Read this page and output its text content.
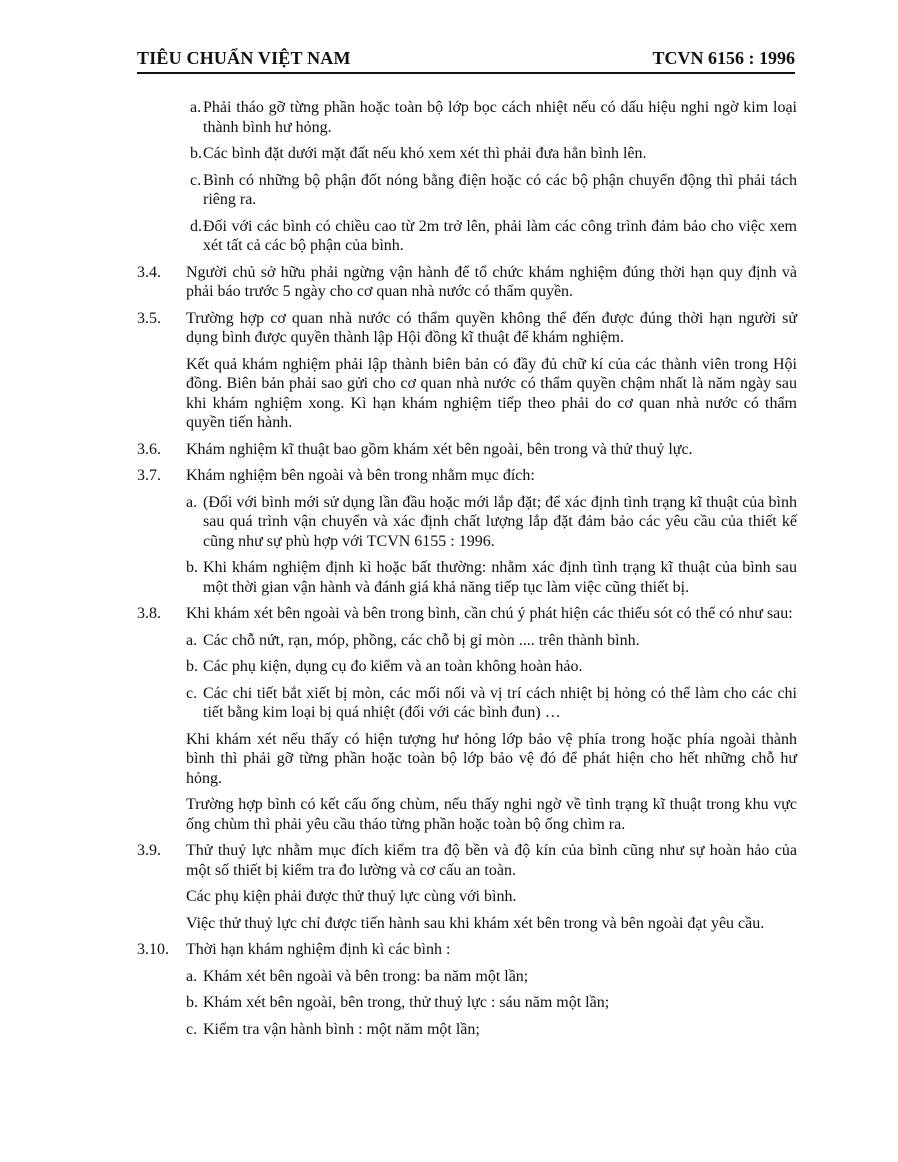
TIÊU CHUẨN VIỆT NAM	TCVN 6156 : 1996
a. Phải tháo gỡ từng phần hoặc toàn bộ lớp bọc cách nhiệt nếu có dấu hiệu nghi ngờ kim loại thành bình hư hỏng.
b. Các bình đặt dưới mặt đất nếu khó xem xét thì phải đưa hẳn bình lên.
c. Bình có những bộ phận đốt nóng bằng điện hoặc có các bộ phận chuyển động thì phải tách riêng ra.
d. Đối với các bình có chiều cao từ 2m trở lên, phải làm các công trình đảm bảo cho việc xem xét tất cả các bộ phận của bình.
3.4.	Người chủ sở hữu phải ngừng vận hành để tổ chức khám nghiệm đúng thời hạn quy định và phải báo trước 5 ngày cho cơ quan nhà nước có thẩm quyền.
3.5.	Trường hợp cơ quan nhà nước có thẩm quyền không thể đến được đúng thời hạn người sử dụng bình được quyền thành lập Hội đồng kĩ thuật để khám nghiệm.
Kết quả khám nghiệm phải lập thành biên bản có đầy đủ chữ kí của các thành viên trong Hội đồng. Biên bản phải sao gửi cho cơ quan nhà nước có thẩm quyền chậm nhất là năm ngày sau khi khám nghiệm xong. Kì hạn khám nghiệm tiếp theo phải do cơ quan nhà nước có thẩm quyền tiến hành.
3.6.	Khám nghiệm kĩ thuật bao gồm khám xét bên ngoài, bên trong và thử thuỷ lực.
3.7.	Khám nghiệm bên ngoài và bên trong nhằm mục đích:
a. (Đối với bình mới sử dụng lần đầu hoặc mới lắp đặt; để xác định tình trạng kĩ thuật của bình sau quá trình vận chuyển và xác định chất lượng lắp đặt đảm bảo các yêu cầu của thiết kế cũng như sự phù hợp với TCVN 6155 : 1996.
b. Khi khám nghiệm định kì hoặc bất thường: nhằm xác định tình trạng kĩ thuật của bình sau một thời gian vận hành và đánh giá khả năng tiếp tục làm việc cũng thiết bị.
3.8.	Khi khám xét bên ngoài và bên trong bình, cần chú ý phát hiện các thiếu sót có thể có như sau:
a. Các chỗ nứt, rạn, móp, phồng, các chỗ bị gỉ mòn .... trên thành bình.
b. Các phụ kiện, dụng cụ đo kiểm và an toàn không hoàn hảo.
c. Các chi tiết bắt xiết bị mòn, các mối nối và vị trí cách nhiệt bị hỏng có thể làm cho các chi tiết bằng kim loại bị quá nhiệt (đối với các bình đun) …
Khi khám xét nếu thấy có hiện tượng hư hỏng lớp bảo vệ phía trong hoặc phía ngoài thành bình thì phải gỡ từng phần hoặc toàn bộ lớp bảo vệ đó để phát hiện cho hết những chỗ hư hỏng.
Trường hợp bình có kết cấu ống chùm, nếu thấy nghi ngờ về tình trạng kĩ thuật trong khu vực ống chùm thì phải yêu cầu tháo từng phần hoặc toàn bộ ống chìm ra.
3.9.	Thử thuỷ lực nhằm mục đích kiểm tra độ bền và độ kín của bình cũng như sự hoàn hảo của một số thiết bị kiểm tra đo lường và cơ cấu an toàn.
Các phụ kiện phải được thử thuỷ lực cùng với bình.
Việc thử thuỷ lực chỉ được tiến hành sau khi khám xét bên trong và bên ngoài đạt yêu cầu.
3.10.	Thời hạn khám nghiệm định kì các bình :
a. Khám xét bên ngoài và bên trong: ba năm một lần;
b. Khám xét bên ngoài, bên trong, thử thuỷ lực : sáu năm một lần;
c. Kiểm tra vận hành bình : một năm một lần;
